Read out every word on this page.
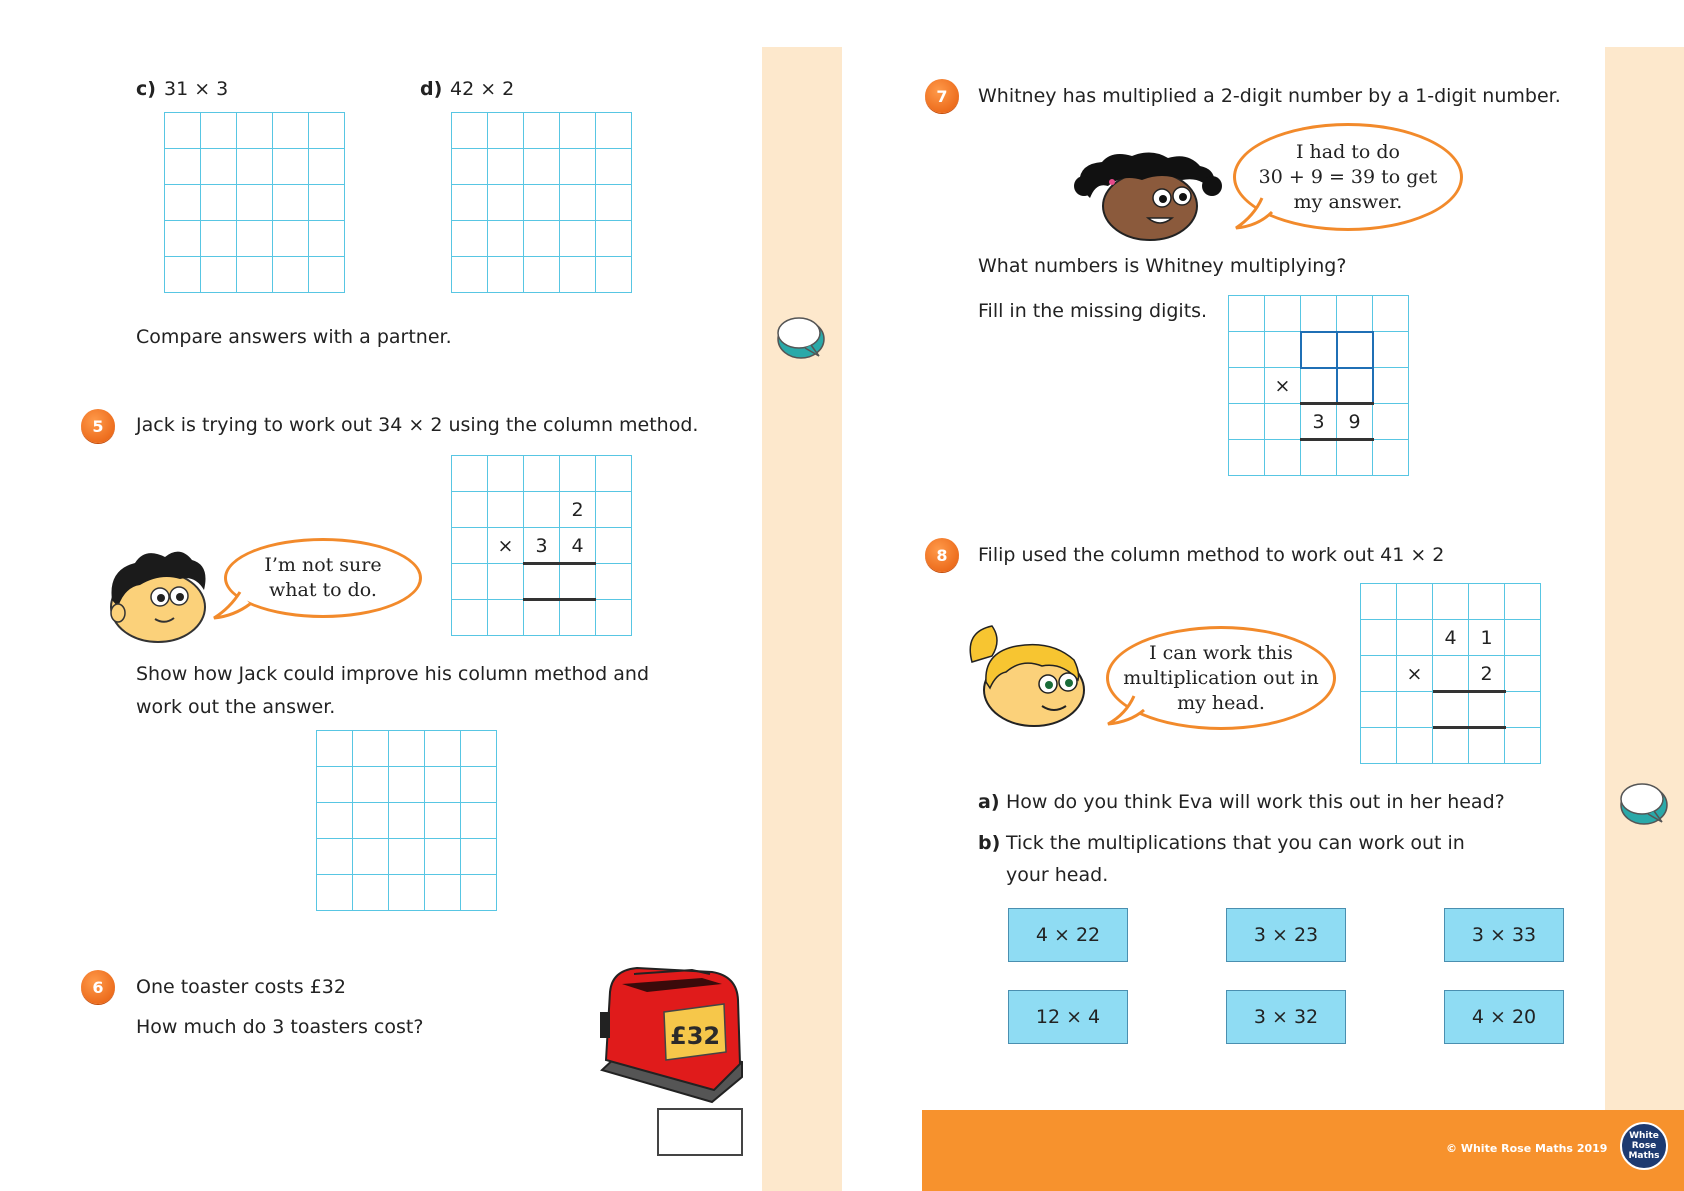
c) 31 × 3	d) 42 × 2
Compare answers with a partner.
5	Jack is trying to work out 34 × 2 using the column method.
I’m not sure
what to do.
2
×	3	4
Show how Jack could improve his column method and
work out the answer.
6	One toaster costs £32
How much do 3 toasters cost?	£32
7	Whitney has multiplied a 2-digit number by a 1-digit number.
I had to do
30 + 9 = 39 to get
my answer.
What numbers is Whitney multiplying?
Fill in the missing digits.
×
3	9
8	Filip used the column method to work out 41 × 2
I can work this
multiplication out in
my head.
4	1
×	2
a) How do you think Eva will work this out in her head?
b) Tick the multiplications that you can work out in
your head.
4 × 22	3 × 23	3 × 33
12 × 4	3 × 32	4 × 20
© White Rose Maths 2019
White
Rose
Maths
